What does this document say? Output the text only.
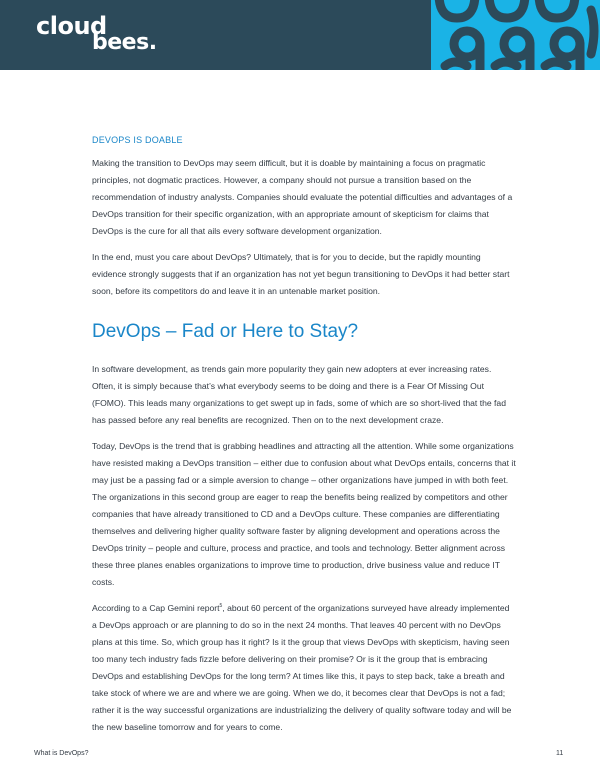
cloud
bees.

DEVOPS IS DOABLE

Making the transition to DevOps may seem difficult, but it is doable by maintaining a focus on pragmatic principles, not dogmatic practices. However, a company should not pursue a transition based on the recommendation of industry analysts. Companies should evaluate the potential difficulties and advantages of a DevOps transition for their specific organization, with an appropriate amount of skepticism for claims that DevOps is the cure for all that ails every software development organization.

In the end, must you care about DevOps? Ultimately, that is for you to decide, but the rapidly mounting evidence strongly suggests that if an organization has not yet begun transitioning to DevOps it had better start soon, before its competitors do and leave it in an untenable market position.

DevOps – Fad or Here to Stay?

In software development, as trends gain more popularity they gain new adopters at ever increasing rates. Often, it is simply because that’s what everybody seems to be doing and there is a Fear Of Missing Out (FOMO). This leads many organizations to get swept up in fads, some of which are so short-lived that the fad has passed before any real benefits are recognized. Then on to the next development craze.

Today, DevOps is the trend that is grabbing headlines and attracting all the attention. While some organizations have resisted making a DevOps transition – either due to confusion about what DevOps entails, concerns that it may just be a passing fad or a simple aversion to change – other organizations have jumped in with both feet. The organizations in this second group are eager to reap the benefits being realized by competitors and other companies that have already transitioned to CD and a DevOps culture. These companies are differentiating themselves and delivering higher quality software faster by aligning development and operations across the DevOps trinity – people and culture, process and practice, and tools and technology. Better alignment across these three planes enables organizations to improve time to production, drive business value and reduce IT costs.

According to a Cap Gemini report$^5$, about 60 percent of the organizations surveyed have already implemented a DevOps approach or are planning to do so in the next 24 months. That leaves 40 percent with no DevOps plans at this time. So, which group has it right? Is it the group that views DevOps with skepticism, having seen too many tech industry fads fizzle before delivering on their promise? Or is it the group that is embracing DevOps and establishing DevOps for the long term? At times like this, it pays to step back, take a breath and take stock of where we are and where we are going. When we do, it becomes clear that DevOps is not a fad; rather it is the way successful organizations are industrializing the delivery of quality software today and will be the new baseline tomorrow and for years to come.

What is DevOps?	11
